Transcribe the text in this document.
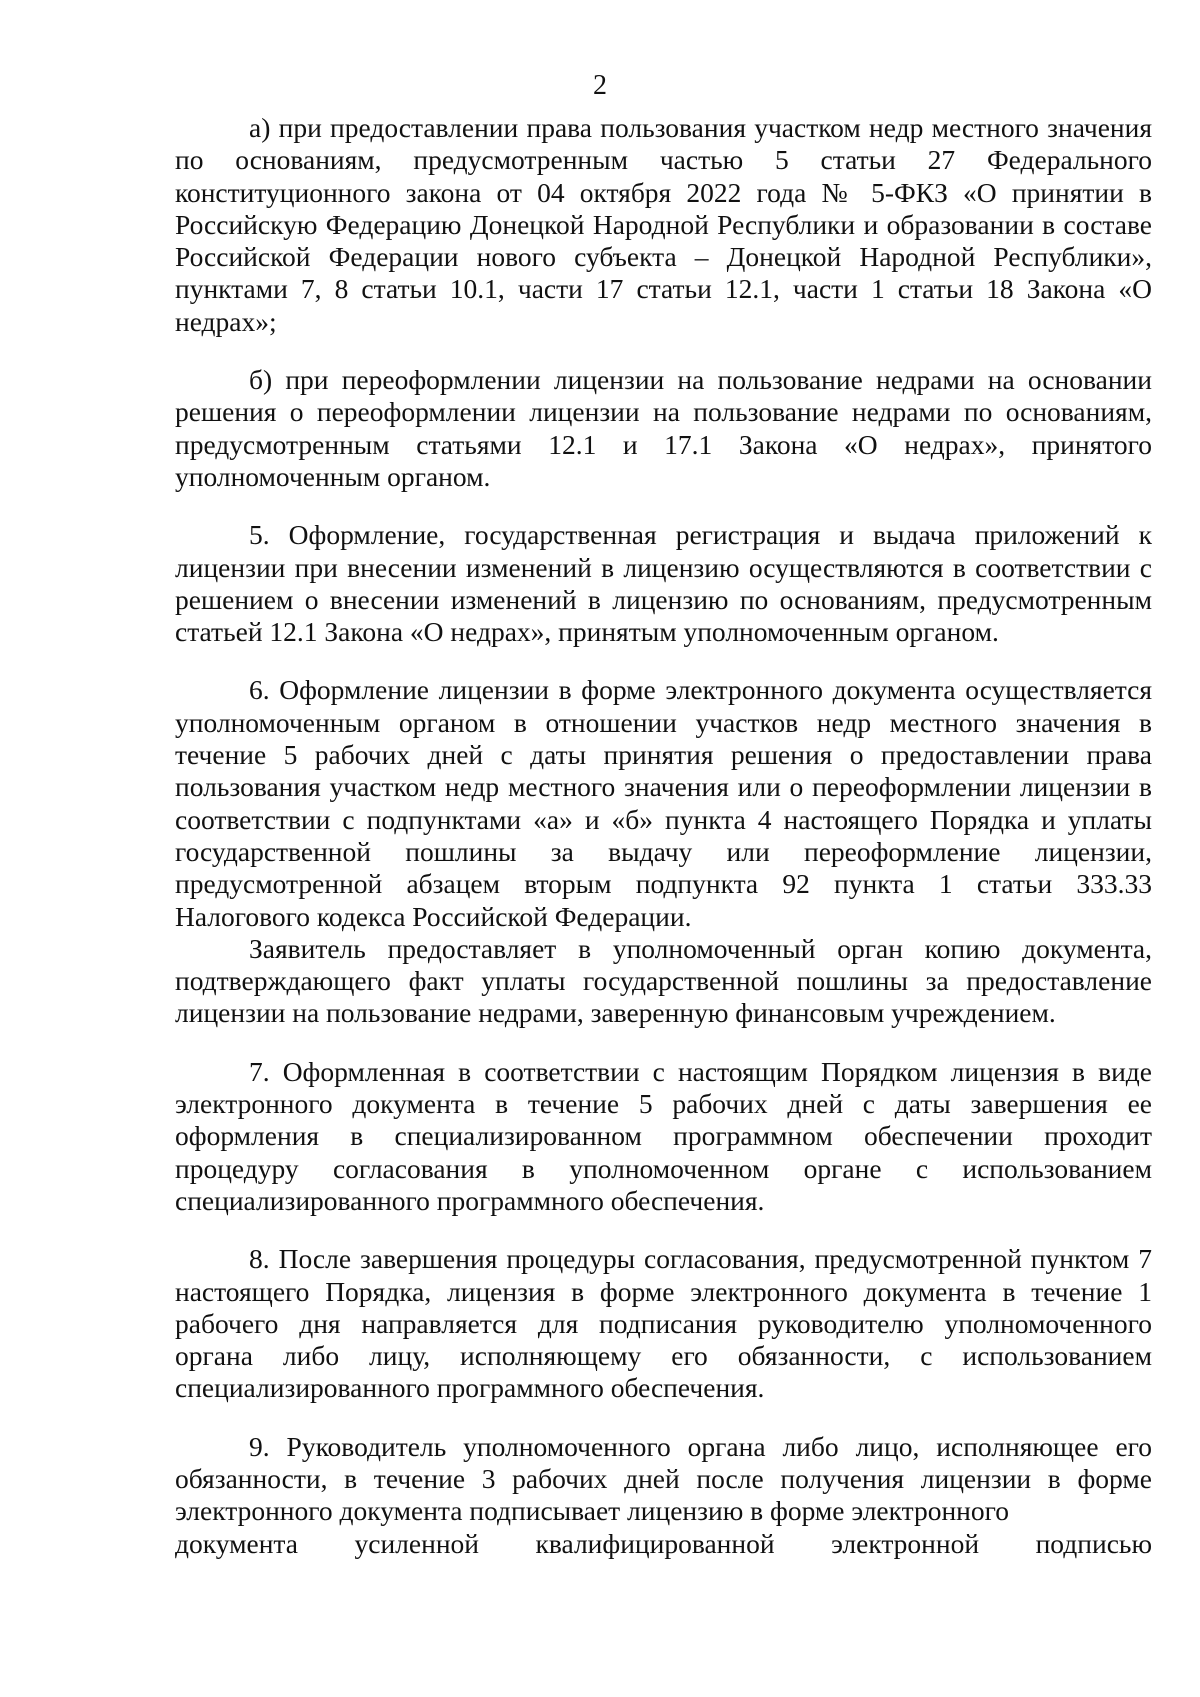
2

а) при предоставлении права пользования участком недр местного значения по основаниям, предусмотренным частью 5 статьи 27 Федерального конституционного закона от 04 октября 2022 года № 5-ФКЗ «О принятии в Российскую Федерацию Донецкой Народной Республики и образовании в составе Российской Федерации нового субъекта – Донецкой Народной Республики», пунктами 7, 8 статьи 10.1, части 17 статьи 12.1, части 1 статьи 18 Закона «О недрах»;

б) при переоформлении лицензии на пользование недрами на основании решения о переоформлении лицензии на пользование недрами по основаниям, предусмотренным статьями 12.1 и 17.1 Закона «О недрах», принятого уполномоченным органом.

5. Оформление, государственная регистрация и выдача приложений к лицензии при внесении изменений в лицензию осуществляются в соответствии с решением о внесении изменений в лицензию по основаниям, предусмотренным статьей 12.1 Закона «О недрах», принятым уполномоченным органом.

6. Оформление лицензии в форме электронного документа осуществляется уполномоченным органом в отношении участков недр местного значения в течение 5 рабочих дней с даты принятия решения о предоставлении права пользования участком недр местного значения или о переоформлении лицензии в соответствии с подпунктами «а» и «б» пункта 4 настоящего Порядка и уплаты государственной пошлины за выдачу или переоформление лицензии, предусмотренной абзацем вторым подпункта 92 пункта 1 статьи 333.33 Налогового кодекса Российской Федерации.

Заявитель предоставляет в уполномоченный орган копию документа, подтверждающего факт уплаты государственной пошлины за предоставление лицензии на пользование недрами, заверенную финансовым учреждением.

7. Оформленная в соответствии с настоящим Порядком лицензия в виде электронного документа в течение 5 рабочих дней с даты завершения ее оформления в специализированном программном обеспечении проходит процедуру согласования в уполномоченном органе с использованием специализированного программного обеспечения.

8. После завершения процедуры согласования, предусмотренной пунктом 7 настоящего Порядка, лицензия в форме электронного документа в течение 1 рабочего дня направляется для подписания руководителю уполномоченного органа либо лицу, исполняющему его обязанности, с использованием специализированного программного обеспечения.

9. Руководитель уполномоченного органа либо лицо, исполняющее его обязанности, в течение 3 рабочих дней после получения лицензии в форме электронного документа подписывает лицензию в форме электронного

документа усиленной квалифицированной электронной подписью
